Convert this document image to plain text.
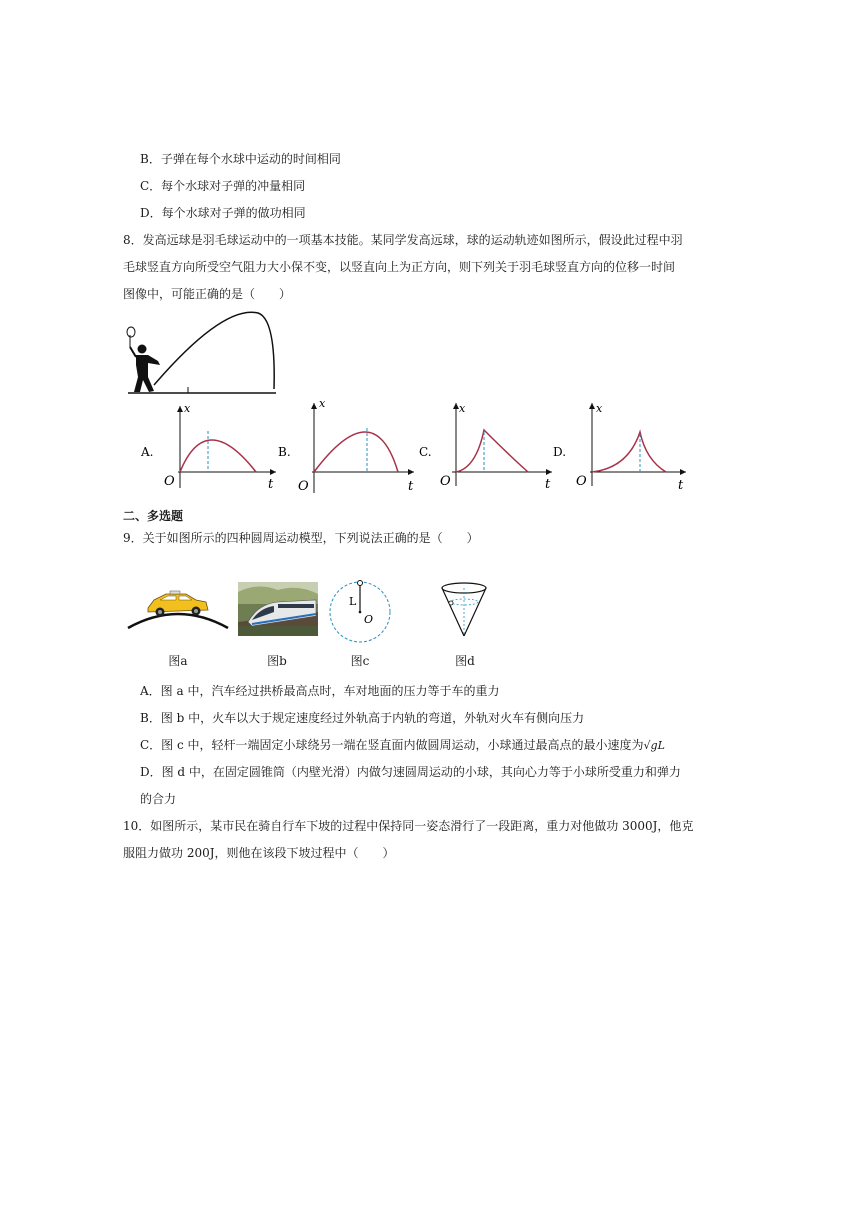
B．子弹在每个水球中运动的时间相同
C．每个水球对子弹的冲量相同
D．每个水球对子弹的做功相同
8．发高远球是羽毛球运动中的一项基本技能。某同学发高远球，球的运动轨迹如图所示，假设此过程中羽
毛球竖直方向所受空气阻力大小保不变，以竖直向上为正方向，则下列关于羽毛球竖直方向的位移一时间
图像中，可能正确的是（　　）
A.
x
t
O
B.
x
t
O
C.
x
t
O
D.
x
t
O
二、多选题
9．关于如图所示的四种圆周运动模型，下列说法正确的是（　　）
L
O
图a	图b	图c	图d
A．图 a 中，汽车经过拱桥最高点时，车对地面的压力等于车的重力
B．图 b 中，火车以大于规定速度经过外轨高于内轨的弯道，外轨对火车有侧向压力
C．图 c 中，轻杆一端固定小球绕另一端在竖直面内做圆周运动，小球通过最高点的最小速度为√gL
D．图 d 中，在固定圆锥筒（内壁光滑）内做匀速圆周运动的小球，其向心力等于小球所受重力和弹力
的合力
10．如图所示，某市民在骑自行车下坡的过程中保持同一姿态滑行了一段距离，重力对他做功 3000J，他克
服阻力做功 200J，则他在该段下坡过程中（　　）
